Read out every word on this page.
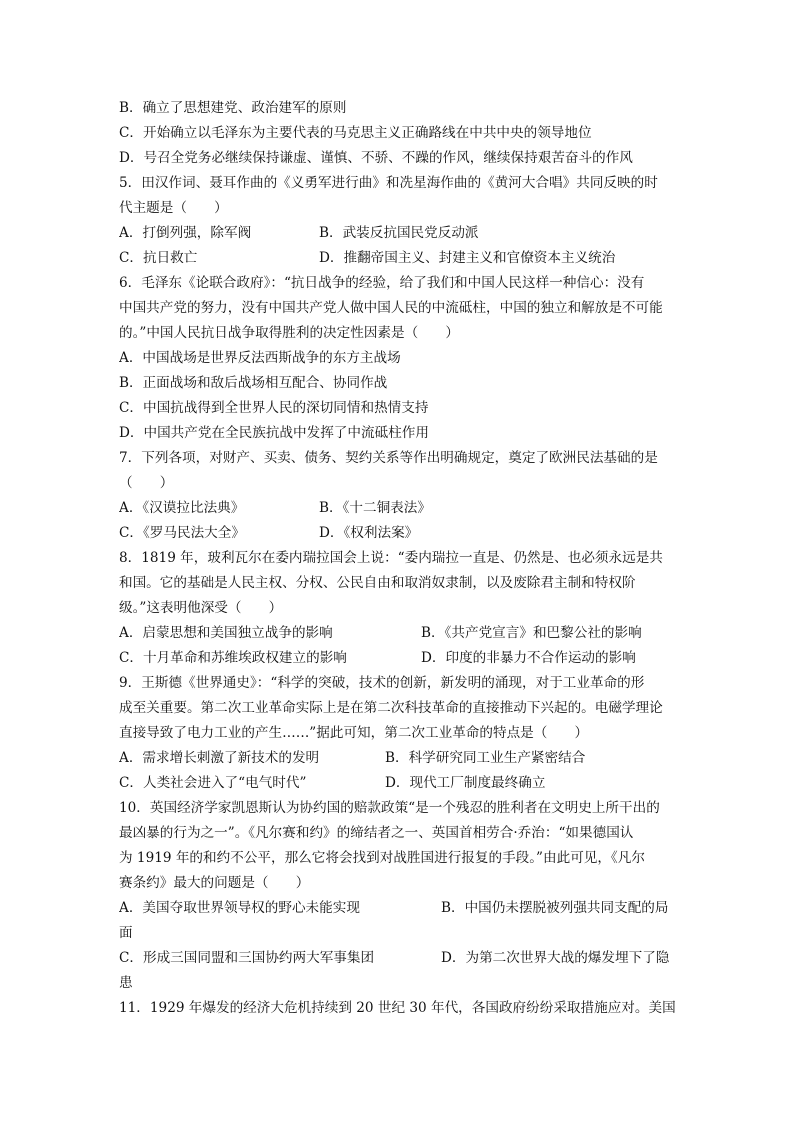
B．确立了思想建党、政治建军的原则
C．开始确立以毛泽东为主要代表的马克思主义正确路线在中共中央的领导地位
D．号召全党务必继续保持谦虚、谨慎、不骄、不躁的作风，继续保持艰苦奋斗的作风
5．田汉作词、聂耳作曲的《义勇军进行曲》和冼星海作曲的《黄河大合唱》共同反映的时
代主题是（　　）
A．打倒列强，除军阀	B．武装反抗国民党反动派
C．抗日救亡	D．推翻帝国主义、封建主义和官僚资本主义统治
6．毛泽东《论联合政府》：“抗日战争的经验，给了我们和中国人民这样一种信心：没有
中国共产党的努力，没有中国共产党人做中国人民的中流砥柱，中国的独立和解放是不可能
的。”中国人民抗日战争取得胜利的决定性因素是（　　）
A．中国战场是世界反法西斯战争的东方主战场
B．正面战场和敌后战场相互配合、协同作战
C．中国抗战得到全世界人民的深切同情和热情支持
D．中国共产党在全民族抗战中发挥了中流砥柱作用
7．下列各项，对财产、买卖、债务、契约关系等作出明确规定，奠定了欧洲民法基础的是
（　　）
A．《汉谟拉比法典》	B．《十二铜表法》
C．《罗马民法大全》	D．《权利法案》
8．1819 年，玻利瓦尔在委内瑞拉国会上说：“委内瑞拉一直是、仍然是、也必须永远是共
和国。它的基础是人民主权、分权、公民自由和取消奴隶制，以及废除君主制和特权阶
级。”这表明他深受（　　）
A．启蒙思想和美国独立战争的影响	B．《共产党宣言》和巴黎公社的影响
C．十月革命和苏维埃政权建立的影响	D．印度的非暴力不合作运动的影响
9．王斯德《世界通史》：“科学的突破，技术的创新，新发明的涌现，对于工业革命的形
成至关重要。第二次工业革命实际上是在第二次科技革命的直接推动下兴起的。电磁学理论
直接导致了电力工业的产生……”据此可知，第二次工业革命的特点是（　　）
A．需求增长刺激了新技术的发明	B．科学研究同工业生产紧密结合
C．人类社会进入了“电气时代”	D．现代工厂制度最终确立
10．英国经济学家凯恩斯认为协约国的赔款政策“是一个残忍的胜利者在文明史上所干出的
最凶暴的行为之一”。《凡尔赛和约》的缔结者之一、英国首相劳合·乔治：“如果德国认
为 1919 年的和约不公平，那么它将会找到对战胜国进行报复的手段。”由此可见，《凡尔
赛条约》最大的问题是（　　）
A．美国夺取世界领导权的野心未能实现	B．中国仍未摆脱被列强共同支配的局
面
C．形成三国同盟和三国协约两大军事集团	D．为第二次世界大战的爆发埋下了隐
患
11．1929 年爆发的经济大危机持续到 20 世纪 30 年代，各国政府纷纷采取措施应对。美国
